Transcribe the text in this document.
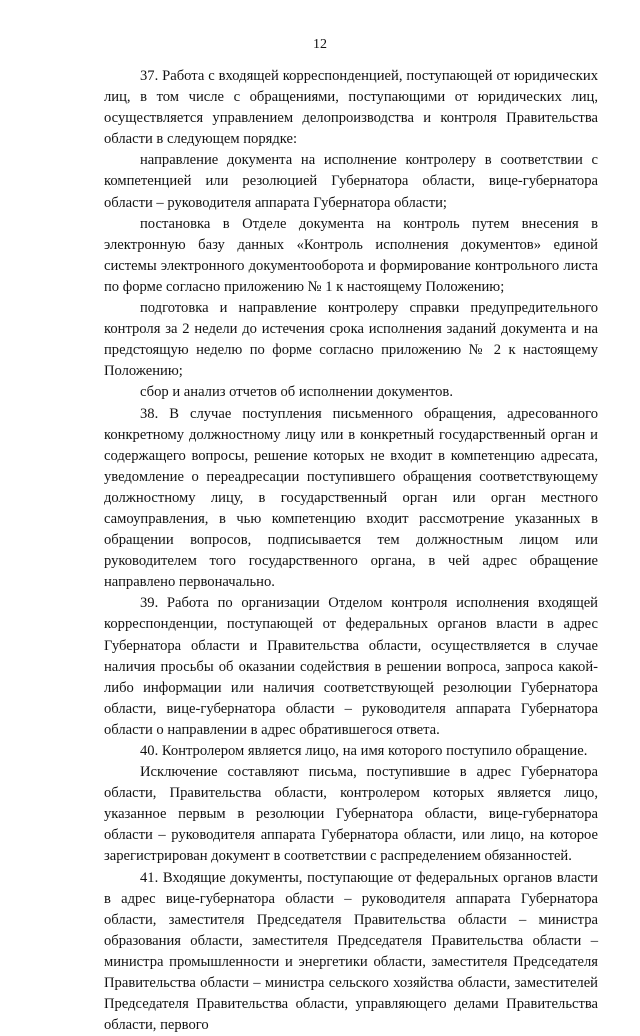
12

37. Работа с входящей корреспонденцией, поступающей от юридических лиц, в том числе с обращениями, поступающими от юридических лиц, осуществляется управлением делопроизводства и контроля Правительства области в следующем порядке:

направление документа на исполнение контролеру в соответствии с компетенцией или резолюцией Губернатора области, вице-губернатора области – руководителя аппарата Губернатора области;

постановка в Отделе документа на контроль путем внесения в электронную базу данных «Контроль исполнения документов» единой системы электронного документооборота и формирование контрольного листа по форме согласно приложению № 1 к настоящему Положению;

подготовка и направление контролеру справки предупредительного контроля за 2 недели до истечения срока исполнения заданий документа и на предстоящую неделю по форме согласно приложению № 2 к настоящему Положению;

сбор и анализ отчетов об исполнении документов.

38. В случае поступления письменного обращения, адресованного конкретному должностному лицу или в конкретный государственный орган и содержащего вопросы, решение которых не входит в компетенцию адресата, уведомление о переадресации поступившего обращения соответствующему должностному лицу, в государственный орган или орган местного самоуправления, в чью компетенцию входит рассмотрение указанных в обращении вопросов, подписывается тем должностным лицом или руководителем того государственного органа, в чей адрес обращение направлено первоначально.

39. Работа по организации Отделом контроля исполнения входящей корреспонденции, поступающей от федеральных органов власти в адрес Губернатора области и Правительства области, осуществляется в случае наличия просьбы об оказании содействия в решении вопроса, запроса какой-либо информации или наличия соответствующей резолюции Губернатора области, вице-губернатора области – руководителя аппарата Губернатора области о направлении в адрес обратившегося ответа.

40. Контролером является лицо, на имя которого поступило обращение.

Исключение составляют письма, поступившие в адрес Губернатора области, Правительства области, контролером которых является лицо, указанное первым в резолюции Губернатора области, вице-губернатора области – руководителя аппарата Губернатора области, или лицо, на которое зарегистрирован документ в соответствии с распределением обязанностей.

41. Входящие документы, поступающие от федеральных органов власти в адрес вице-губернатора области – руководителя аппарата Губернатора области, заместителя Председателя Правительства области – министра образования области, заместителя Председателя Правительства области – министра промышленности и энергетики области, заместителя Председателя Правительства области – министра сельского хозяйства области, заместителей Председателя Правительства области, управляющего делами Правительства области, первого
